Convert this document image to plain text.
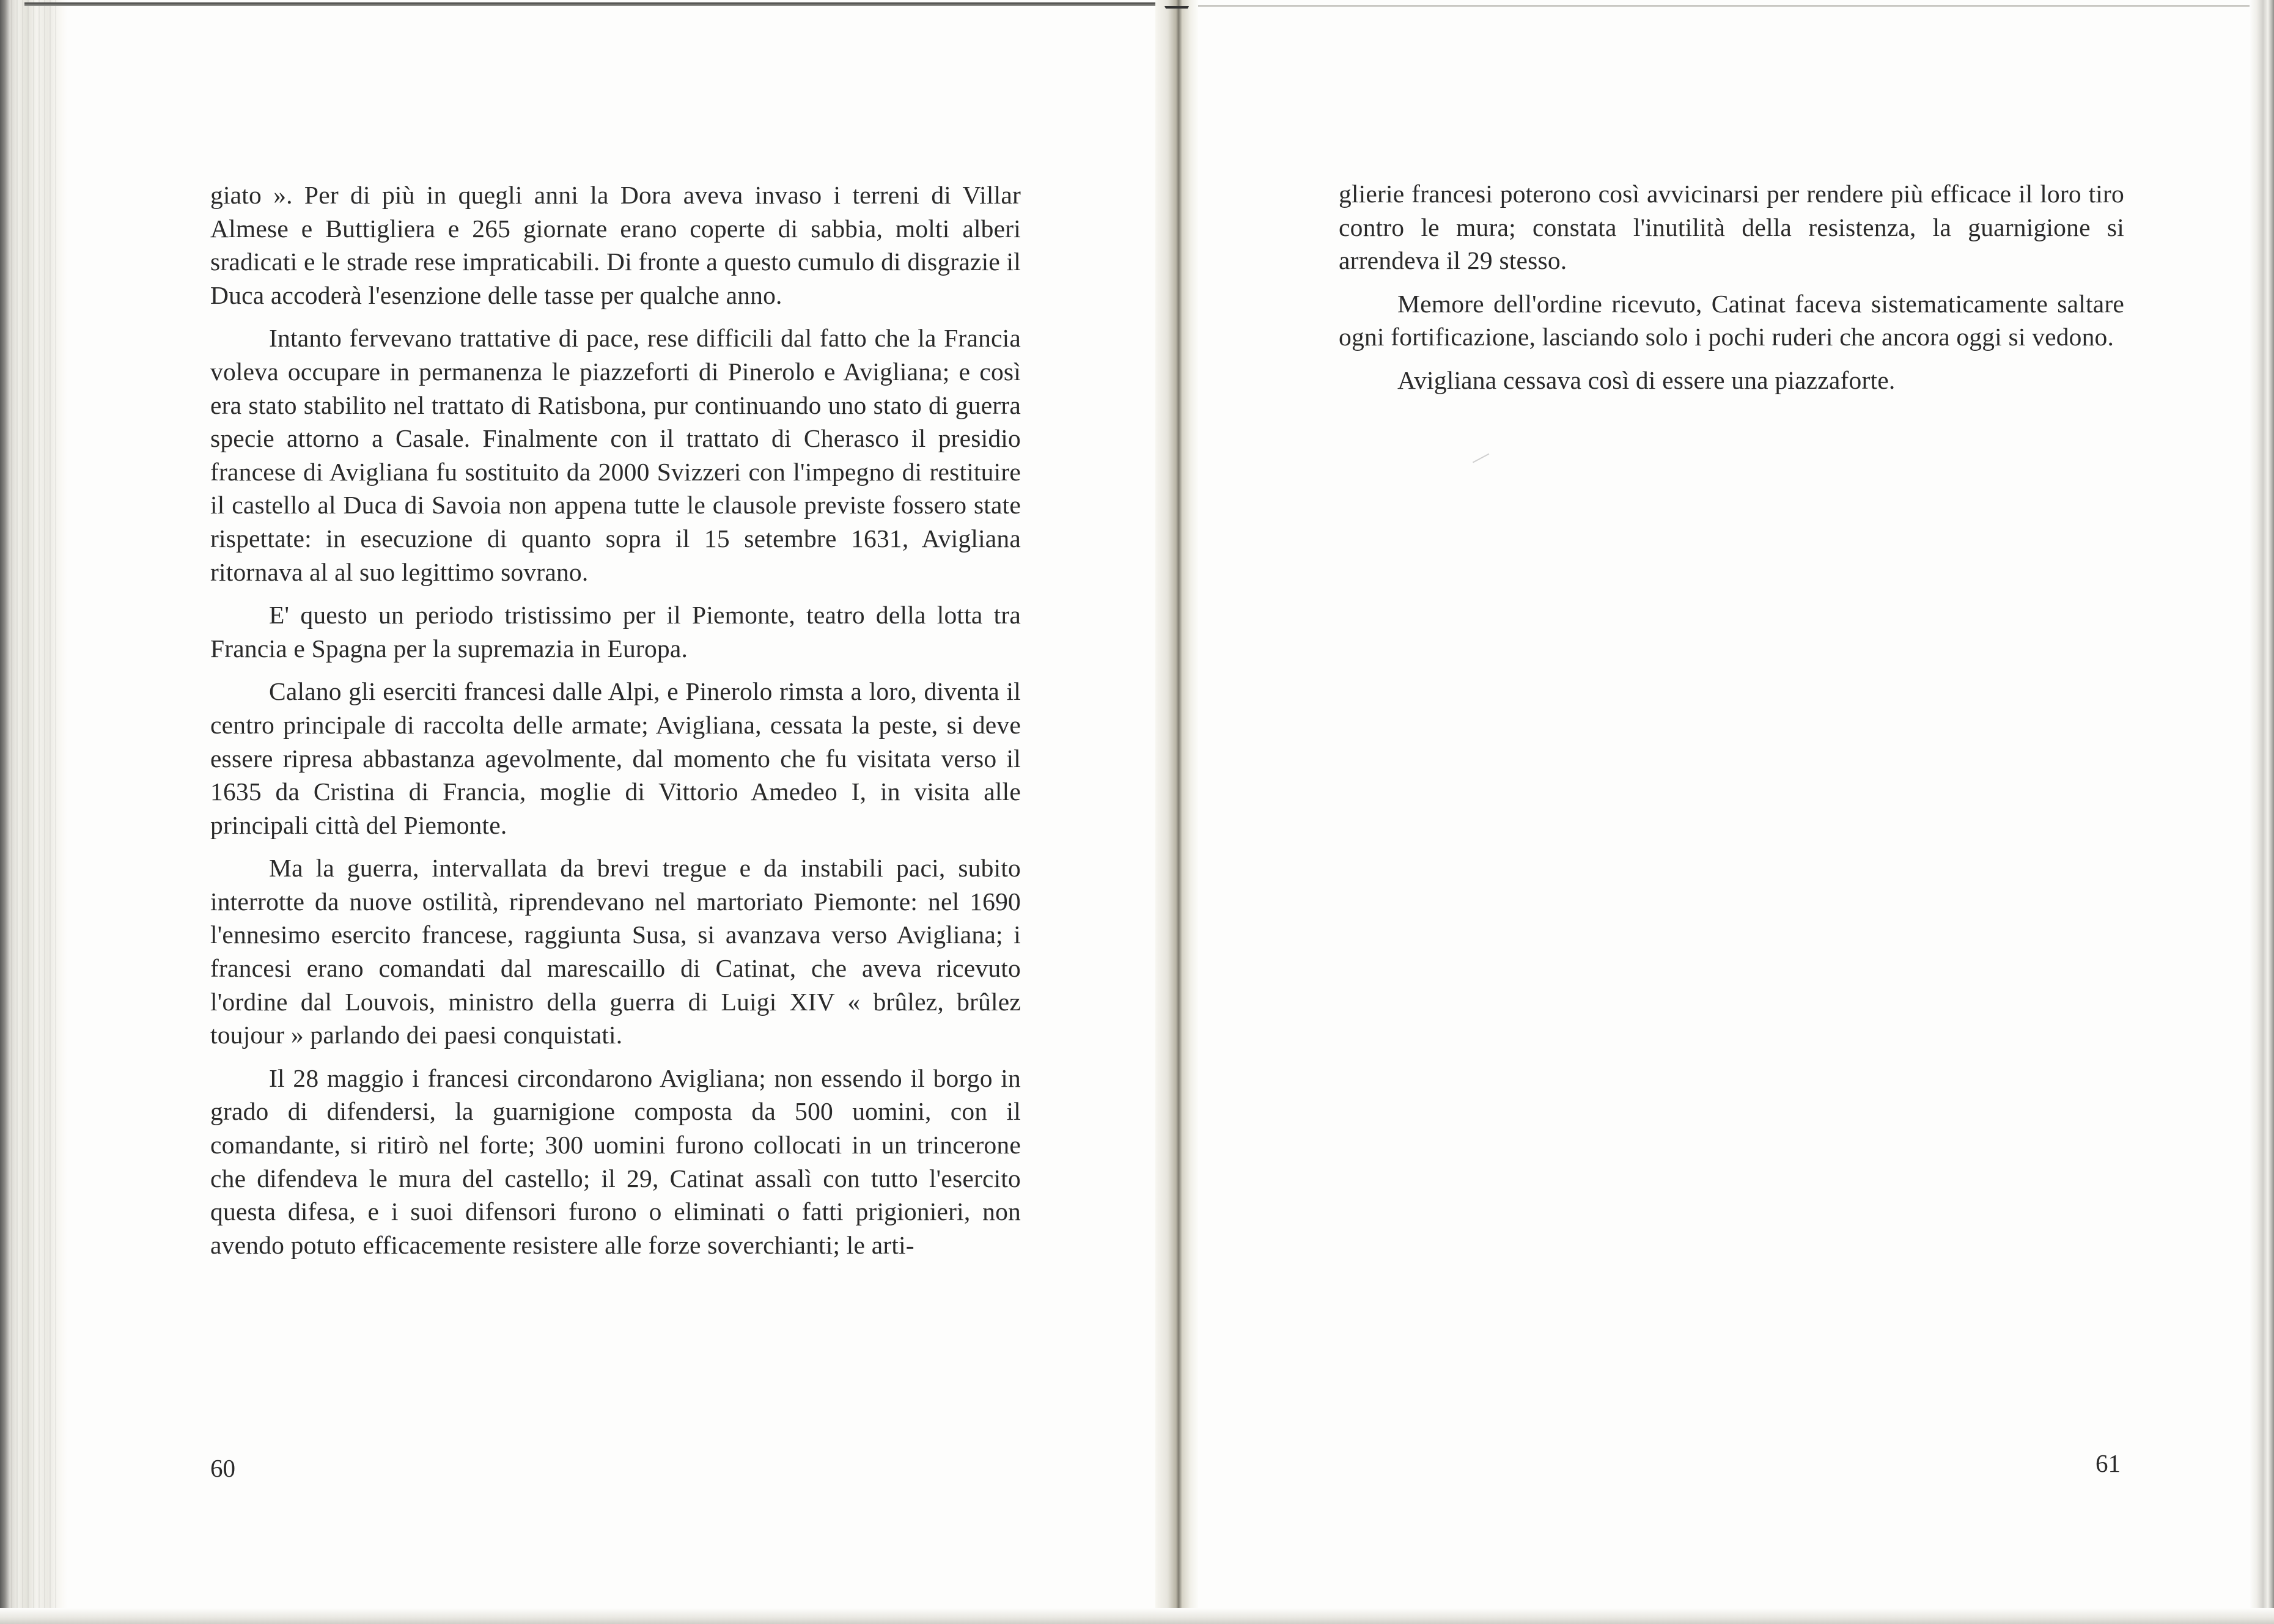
giato ». Per di più in quegli anni la Dora aveva invaso i terreni di Villar Almese e Buttigliera e 265 giornate erano coperte di sabbia, molti alberi sradicati e le strade rese impraticabili. Di fronte a questo cumulo di disgrazie il Duca accoderà l'esenzione delle tasse per qualche anno.

Intanto fervevano trattative di pace, rese difficili dal fatto che la Francia voleva occupare in permanenza le piazzeforti di Pinerolo e Avigliana; e così era stato stabilito nel trattato di Ratisbona, pur continuando uno stato di guerra specie attorno a Casale. Finalmente con il trattato di Cherasco il presidio francese di Avigliana fu sostituito da 2000 Svizzeri con l'impegno di restituire il castello al Duca di Savoia non appena tutte le clausole previste fossero state rispettate: in esecuzione di quanto sopra il 15 setembre 1631, Avigliana ritornava al al suo legittimo sovrano.

E' questo un periodo tristissimo per il Piemonte, teatro della lotta tra Francia e Spagna per la supremazia in Europa.

Calano gli eserciti francesi dalle Alpi, e Pinerolo rimsta a loro, diventa il centro principale di raccolta delle armate; Avigliana, cessata la peste, si deve essere ripresa abbastanza agevolmente, dal momento che fu visitata verso il 1635 da Cristina di Francia, moglie di Vittorio Amedeo I, in visita alle principali città del Piemonte.

Ma la guerra, intervallata da brevi tregue e da instabili paci, subito interrotte da nuove ostilità, riprendevano nel martoriato Piemonte: nel 1690 l'ennesimo esercito francese, raggiunta Susa, si avanzava verso Avigliana; i francesi erano comandati dal marescaillo di Catinat, che aveva ricevuto l'ordine dal Louvois, ministro della guerra di Luigi XIV « brûlez, brûlez toujour » parlando dei paesi conquistati.

Il 28 maggio i francesi circondarono Avigliana; non essendo il borgo in grado di difendersi, la guarnigione composta da 500 uomini, con il comandante, si ritirò nel forte; 300 uomini furono collocati in un trincerone che difendeva le mura del castello; il 29, Catinat assalì con tutto l'esercito questa difesa, e i suoi difensori furono o eliminati o fatti prigionieri, non avendo potuto efficacemente resistere alle forze soverchianti; le arti-

60

glierie francesi poterono così avvicinarsi per rendere più efficace il loro tiro contro le mura; constata l'inutilità della resistenza, la guarnigione si arrendeva il 29 stesso.

Memore dell'ordine ricevuto, Catinat faceva sistematicamente saltare ogni fortificazione, lasciando solo i pochi ruderi che ancora oggi si vedono.

Avigliana cessava così di essere una piazzaforte.

61
